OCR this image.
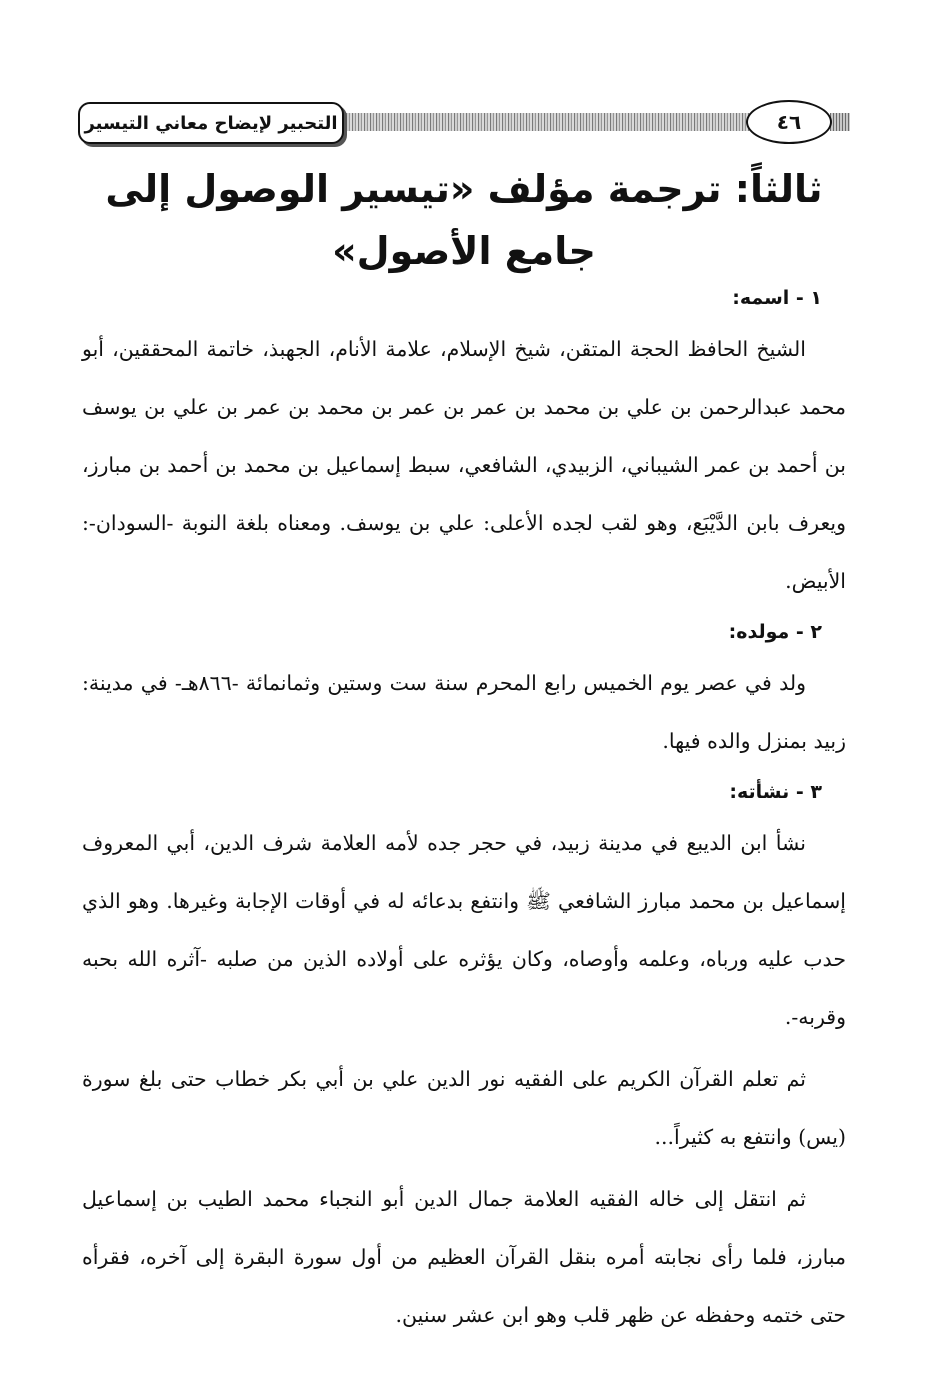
٤٦
التحبير لإيضاح معاني التيسير
ثالثاً: ترجمة مؤلف «تيسير الوصول إلى جامع الأصول»
١ - اسمه:

الشيخ الحافظ الحجة المتقن، شيخ الإسلام، علامة الأنام، الجهبذ، خاتمة المحققين، أبو محمد عبدالرحمن بن علي بن محمد بن عمر بن عمر بن محمد بن عمر بن علي بن يوسف بن أحمد بن عمر الشيباني، الزبيدي، الشافعي، سبط إسماعيل بن محمد بن أحمد بن مبارز، ويعرف بابن الدَّيْبَع، وهو لقب لجده الأعلى: علي بن يوسف. ومعناه بلغة النوبة -السودان-: الأبيض.

٢ - مولده:

ولد في عصر يوم الخميس رابع المحرم سنة ست وستين وثمانمائة -٨٦٦هـ- في مدينة: زبيد بمنزل والده فيها.

٣ - نشأته:

نشأ ابن الديبع في مدينة زبيد، في حجر جده لأمه العلامة شرف الدين، أبي المعروف إسماعيل بن محمد مبارز الشافعي ﷺ وانتفع بدعائه له في أوقات الإجابة وغيرها. وهو الذي حدب عليه ورباه، وعلمه وأوصاه، وكان يؤثره على أولاده الذين من صلبه -آثره الله بحبه وقربه-.

ثم تعلم القرآن الكريم على الفقيه نور الدين علي بن أبي بكر خطاب حتى بلغ سورة (يس) وانتفع به كثيراً...

ثم انتقل إلى خاله الفقيه العلامة جمال الدين أبو النجباء محمد الطيب بن إسماعيل مبارز، فلما رأى نجابته أمره بنقل القرآن العظيم من أول سورة البقرة إلى آخره، فقرأه حتى ختمه وحفظه عن ظهر قلب وهو ابن عشر سنين.
